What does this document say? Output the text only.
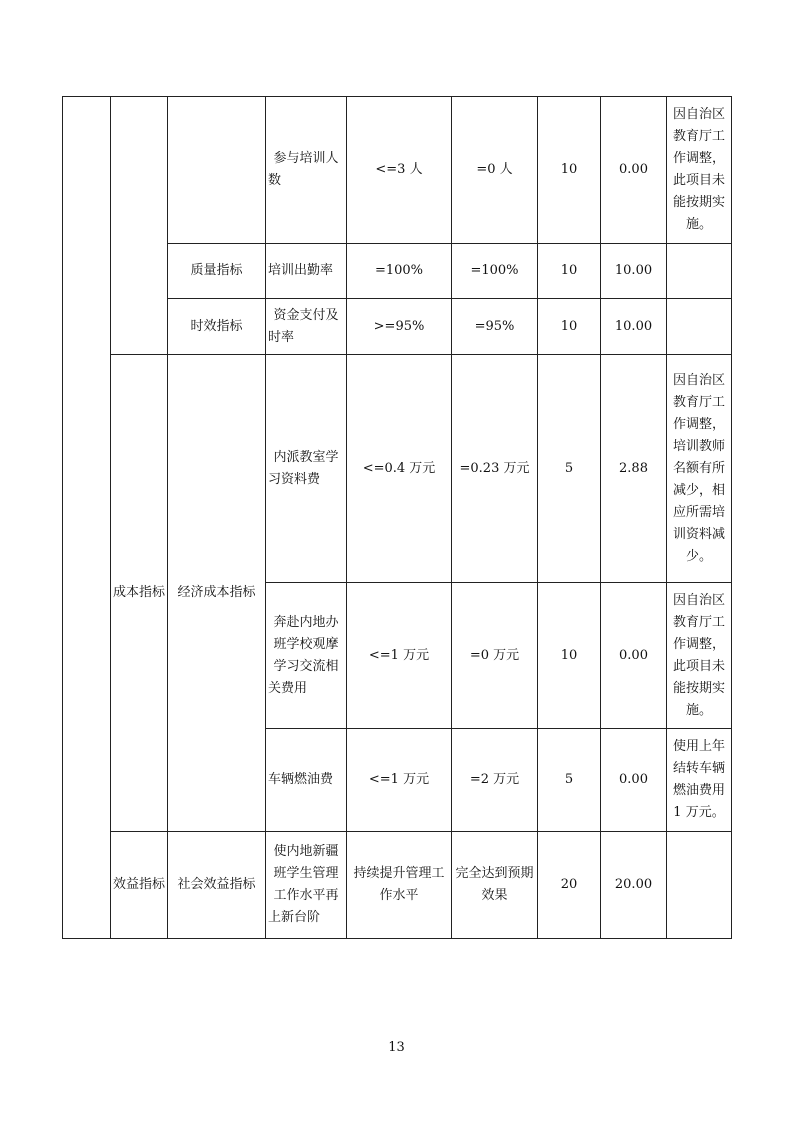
			参与培训人数	<=3 人	=0 人	10	0.00	因自治区教育厅工作调整，此项目未能按期实施。
		质量指标	培训出勤率	=100%	=100%	10	10.00	
		时效指标	资金支付及时率	>=95%	=95%	10	10.00	
	成本指标	经济成本指标	内派教室学习资料费	<=0.4 万元	=0.23 万元	5	2.88	因自治区教育厅工作调整，培训教师名额有所减少，相应所需培训资料减少。
			奔赴内地办班学校观摩学习交流相关费用	<=1 万元	=0 万元	10	0.00	因自治区教育厅工作调整，此项目未能按期实施。
			车辆燃油费	<=1 万元	=2 万元	5	0.00	使用上年结转车辆燃油费用 1 万元。
	效益指标	社会效益指标	使内地新疆班学生管理工作水平再上新台阶	持续提升管理工作水平	完全达到预期效果	20	20.00	
13
